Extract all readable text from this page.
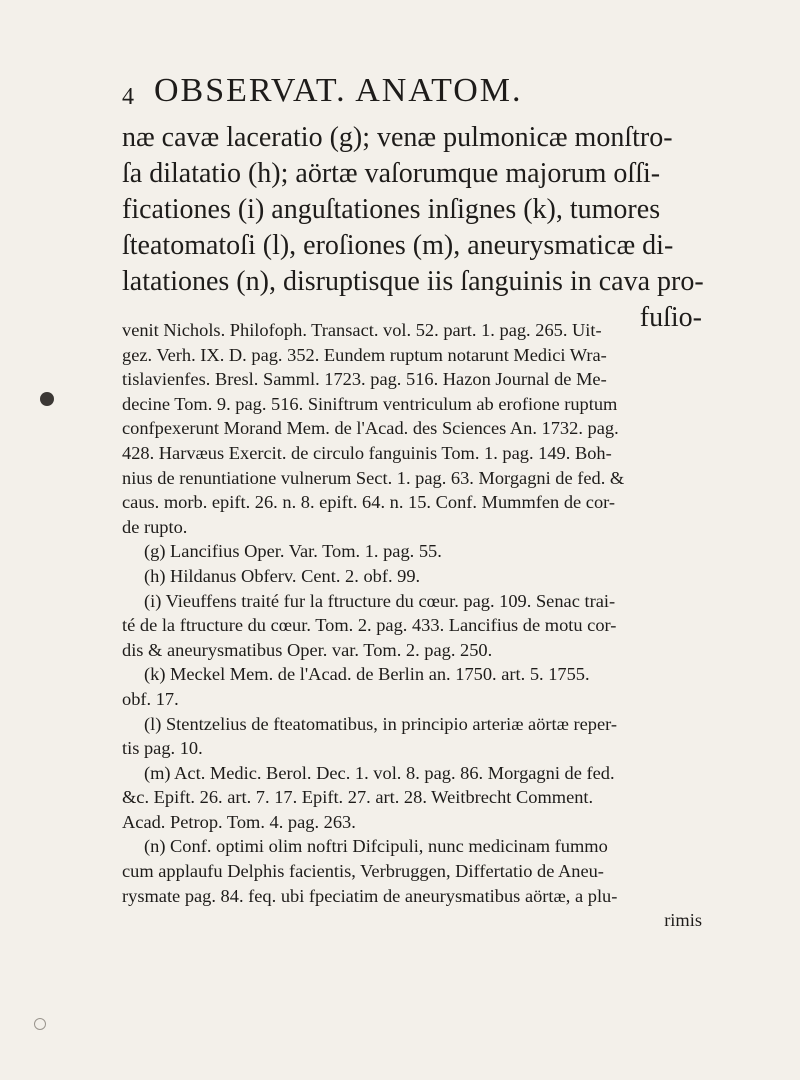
4 OBSERVAT. ANATOM.
næ cavæ laceratio (g); venæ pulmonicæ monſtro-
ſa dilatatio (h); aörtæ vaſorumque majorum oſſi-
ficationes (i) anguſtationes inſignes (k), tumores
ſteatomatoſi (l), eroſiones (m), aneurysmaticæ di-
latationes (n), disruptisque iis ſanguinis in cava pro-
fuſio-
venit Nichols. Philofoph. Transact. vol. 52. part. 1. pag. 265. Uit-
gez. Verh. IX. D. pag. 352. Eundem ruptum notarunt Medici Wra-
tislavienfes. Bresl. Samml. 1723. pag. 516. Hazon Journal de Me-
decine Tom. 9. pag. 516. Siniftrum ventriculum ab erofione ruptum
confpexerunt Morand Mem. de l'Acad. des Sciences An. 1732. pag.
428. Harvæus Exercit. de circulo fanguinis Tom. 1. pag. 149. Boh-
nius de renuntiatione vulnerum Sect. 1. pag. 63. Morgagni de fed. &
caus. morb. epift. 26. n. 8. epift. 64. n. 15. Conf. Mummfen de cor-
de rupto.
(g) Lancifius Oper. Var. Tom. 1. pag. 55.
(h) Hildanus Obferv. Cent. 2. obf. 99.
(i) Vieuffens traité fur la ftructure du cœur. pag. 109. Senac trai-
té de la ftructure du cœur. Tom. 2. pag. 433. Lancifius de motu cor-
dis & aneurysmatibus Oper. var. Tom. 2. pag. 250.
(k) Meckel Mem. de l'Acad. de Berlin an. 1750. art. 5. 1755.
obf. 17.
(l) Stentzelius de fteatomatibus, in principio arteriæ aörtæ reper-
tis pag. 10.
(m) Act. Medic. Berol. Dec. 1. vol. 8. pag. 86. Morgagni de fed.
&c. Epift. 26. art. 7. 17. Epift. 27. art. 28. Weitbrecht Comment.
Acad. Petrop. Tom. 4. pag. 263.
(n) Conf. optimi olim noftri Difcipuli, nunc medicinam fummo
cum applaufu Delphis facientis, Verbruggen, Differtatio de Aneu-
rysmate pag. 84. feq. ubi fpeciatim de aneurysmatibus aörtæ, a plu-
rimis
